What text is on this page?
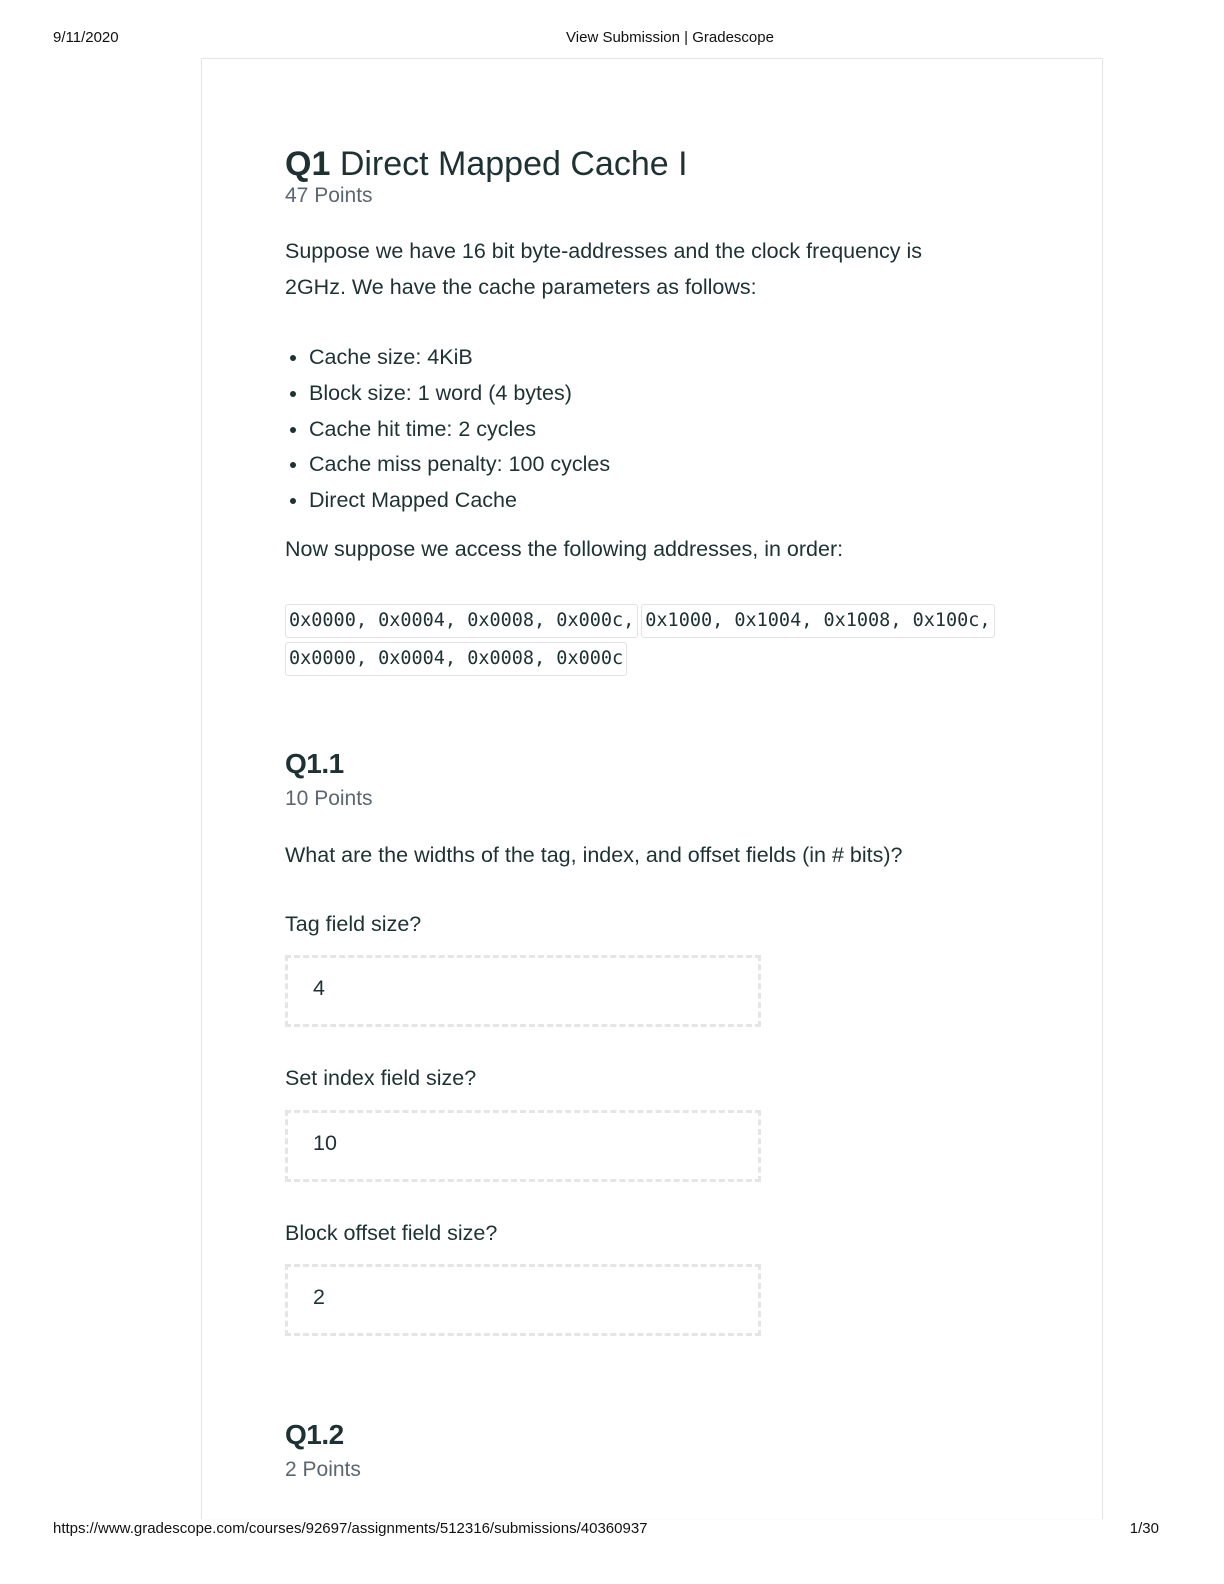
9/11/2020	View Submission | Gradescope
Q1 Direct Mapped Cache I
47 Points
Suppose we have 16 bit byte-addresses and the clock frequency is
2GHz. We have the cache parameters as follows:
• Cache size: 4KiB
• Block size: 1 word (4 bytes)
• Cache hit time: 2 cycles
• Cache miss penalty: 100 cycles
• Direct Mapped Cache
Now suppose we access the following addresses, in order:
0x0000, 0x0004, 0x0008, 0x000c, 0x1000, 0x1004, 0x1008, 0x100c,
0x0000, 0x0004, 0x0008, 0x000c
Q1.1
10 Points
What are the widths of the tag, index, and offset fields (in # bits)?
Tag field size?
4
Set index field size?
10
Block offset field size?
2
Q1.2
2 Points
https://www.gradescope.com/courses/92697/assignments/512316/submissions/40360937	1/30
